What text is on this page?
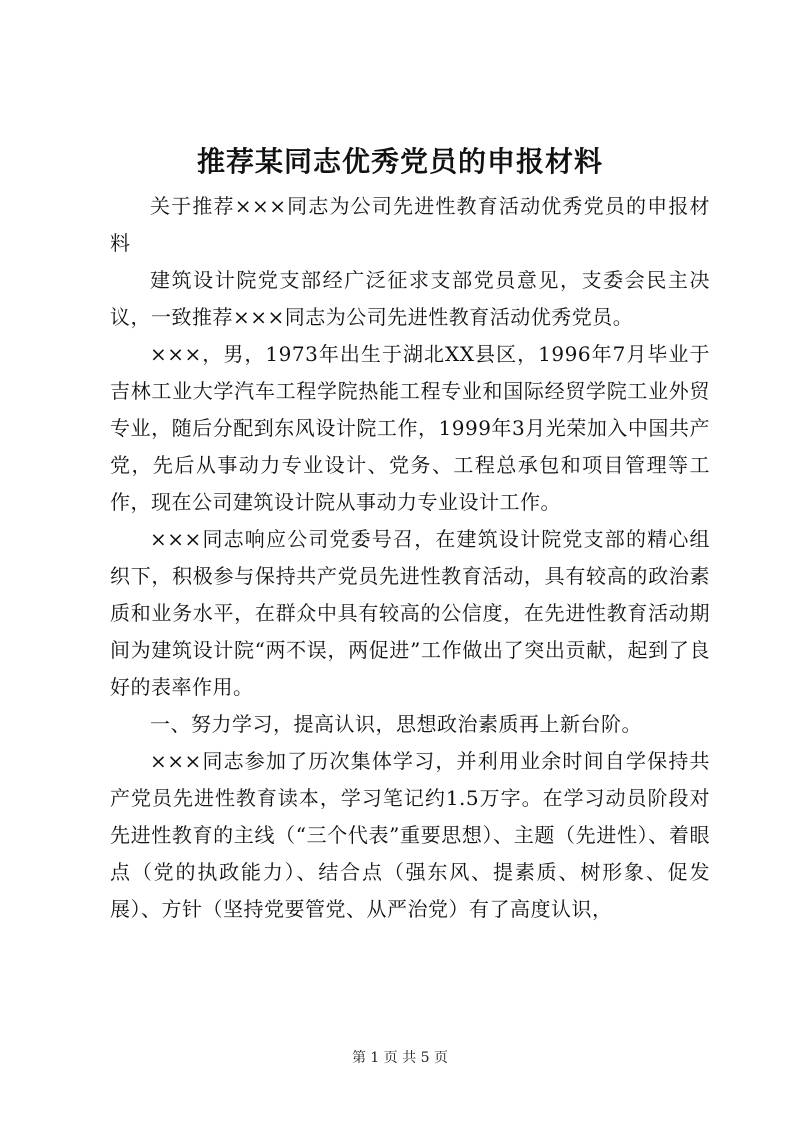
推荐某同志优秀党员的申报材料

关于推荐×××同志为公司先进性教育活动优秀党员的申报材料

建筑设计院党支部经广泛征求支部党员意见，支委会民主决议，一致推荐×××同志为公司先进性教育活动优秀党员。

×××，男，1973年出生于湖北XX县区，1996年7月毕业于吉林工业大学汽车工程学院热能工程专业和国际经贸学院工业外贸专业，随后分配到东风设计院工作，1999年3月光荣加入中国共产党，先后从事动力专业设计、党务、工程总承包和项目管理等工作，现在公司建筑设计院从事动力专业设计工作。

×××同志响应公司党委号召，在建筑设计院党支部的精心组织下，积极参与保持共产党员先进性教育活动，具有较高的政治素质和业务水平，在群众中具有较高的公信度，在先进性教育活动期间为建筑设计院“两不误，两促进”工作做出了突出贡献，起到了良好的表率作用。

一、努力学习，提高认识，思想政治素质再上新台阶。

×××同志参加了历次集体学习，并利用业余时间自学保持共产党员先进性教育读本，学习笔记约1.5万字。在学习动员阶段对先进性教育的主线（“三个代表”重要思想）、主题（先进性）、着眼点（党的执政能力）、结合点（强东风、提素质、树形象、促发展）、方针（坚持党要管党、从严治党）有了高度认识，

第 1 页 共 5 页
